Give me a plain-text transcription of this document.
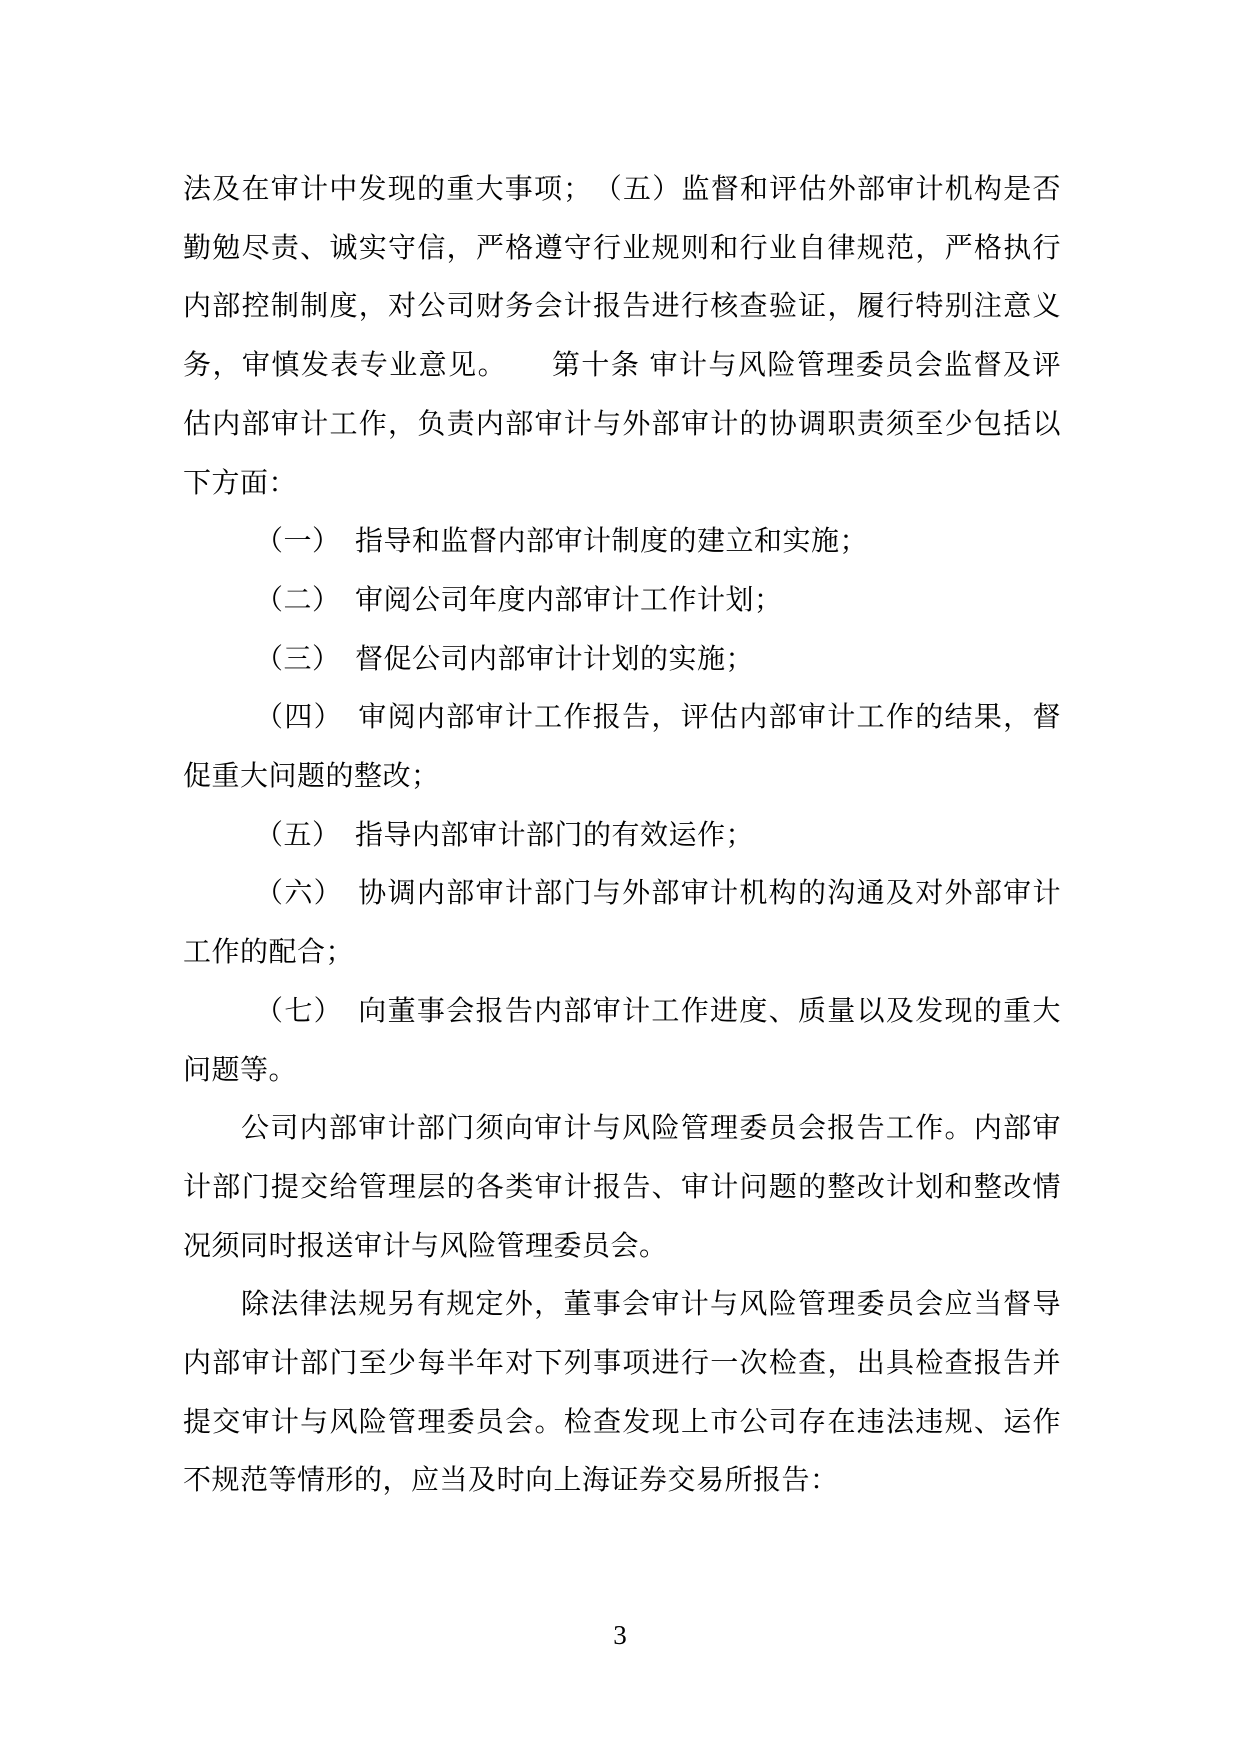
法及在审计中发现的重大事项；　（五）监督和评估外部审计机构是否
勤勉尽责、诚实守信，严格遵守行业规则和行业自律规范，严格执行
内部控制制度，对公司财务会计报告进行核查验证，履行特别注意义
务，审慎发表专业意见。　　第十条 审计与风险管理委员会监督及评
估内部审计工作，负责内部审计与外部审计的协调职责须至少包括以
下方面：
（一）　指导和监督内部审计制度的建立和实施；
（二）　审阅公司年度内部审计工作计划；
（三）　督促公司内部审计计划的实施；
（四）　审阅内部审计工作报告，评估内部审计工作的结果，督
促重大问题的整改；
（五）　指导内部审计部门的有效运作；
（六）　协调内部审计部门与外部审计机构的沟通及对外部审计
工作的配合；
（七）　向董事会报告内部审计工作进度、质量以及发现的重大
问题等。
公司内部审计部门须向审计与风险管理委员会报告工作。内部审
计部门提交给管理层的各类审计报告、审计问题的整改计划和整改情
况须同时报送审计与风险管理委员会。
除法律法规另有规定外，董事会审计与风险管理委员会应当督导
内部审计部门至少每半年对下列事项进行一次检查，出具检查报告并
提交审计与风险管理委员会。检查发现上市公司存在违法违规、运作
不规范等情形的，应当及时向上海证券交易所报告：
3
